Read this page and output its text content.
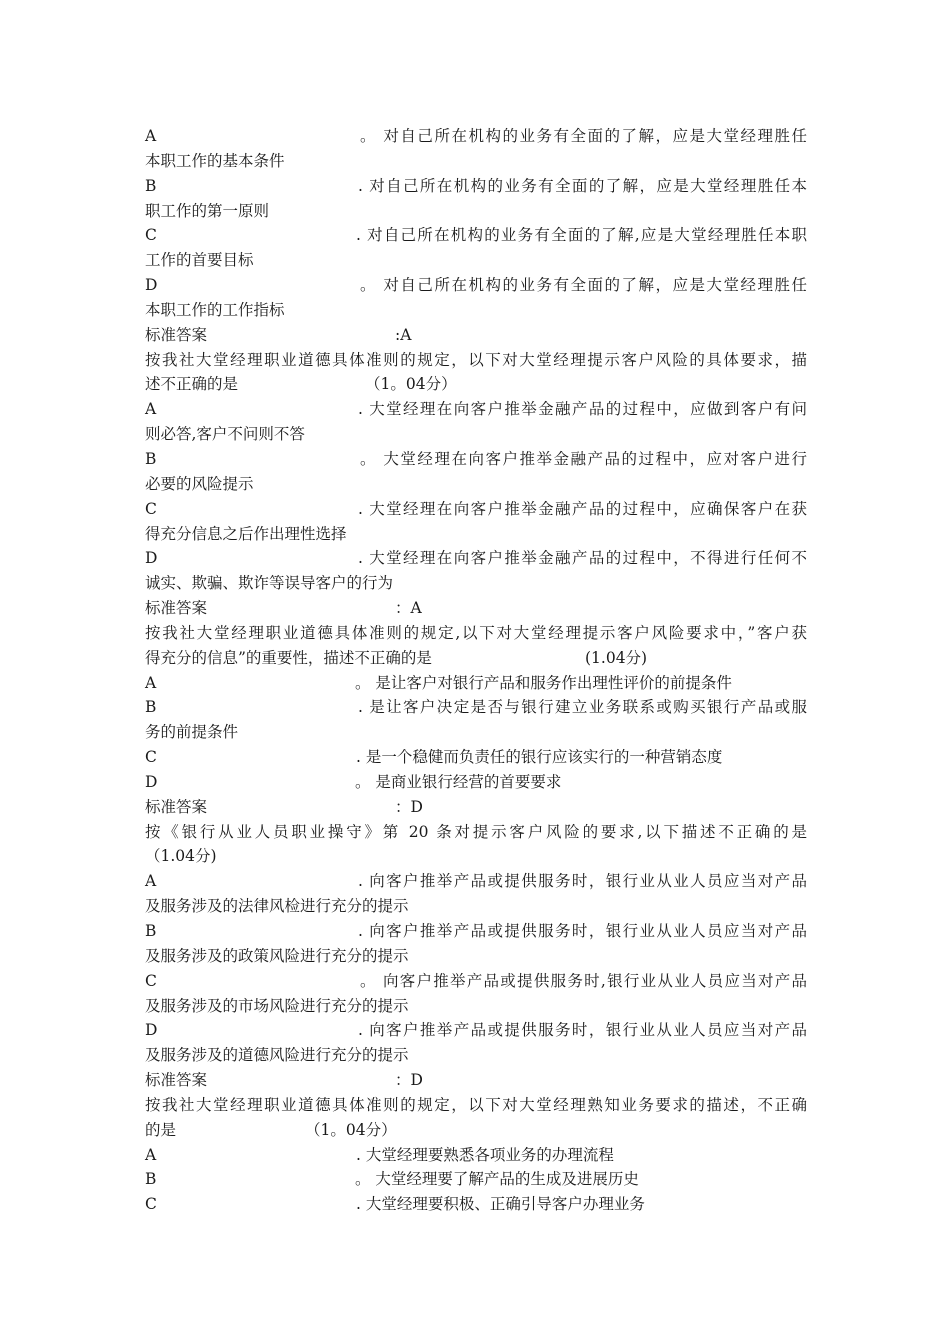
A	。 对自己所在机构的业务有全面的了解，应是大堂经理胜任
本职工作的基本条件
B	. 对自己所在机构的业务有全面的了解，应是大堂经理胜任本
职工作的第一原则
C	. 对自己所在机构的业务有全面的了解,应是大堂经理胜任本职
工作的首要目标
D	。 对自己所在机构的业务有全面的了解，应是大堂经理胜任
本职工作的工作指标
标准答案	:A
按我社大堂经理职业道德具体准则的规定，以下对大堂经理提示客户风险的具体要求，描
述不正确的是	（1。04分）
A	. 大堂经理在向客户推举金融产品的过程中，应做到客户有问
则必答,客户不问则不答
B	。 大堂经理在向客户推举金融产品的过程中，应对客户进行
必要的风险提示
C	. 大堂经理在向客户推举金融产品的过程中，应确保客户在获
得充分信息之后作出理性选择
D	. 大堂经理在向客户推举金融产品的过程中，不得进行任何不
诚实、欺骗、欺诈等误导客户的行为
标准答案	：A
按我社大堂经理职业道德具体准则的规定,以下对大堂经理提示客户风险要求中，”客户获
得充分的信息”的重要性，描述不正确的是	(1.04分)
A	。 是让客户对银行产品和服务作出理性评价的前提条件
B	. 是让客户决定是否与银行建立业务联系或购买银行产品或服
务的前提条件
C	. 是一个稳健而负责任的银行应该实行的一种营销态度
D	。 是商业银行经营的首要要求
标准答案	：D
按《银行从业人员职业操守》第 20 条对提示客户风险的要求,以下描述不正确的是
（1.04分)
A	. 向客户推举产品或提供服务时，银行业从业人员应当对产品
及服务涉及的法律风检进行充分的提示
B	. 向客户推举产品或提供服务时，银行业从业人员应当对产品
及服务涉及的政策风险进行充分的提示
C	。 向客户推举产品或提供服务时,银行业从业人员应当对产品
及服务涉及的市场风险进行充分的提示
D	. 向客户推举产品或提供服务时，银行业从业人员应当对产品
及服务涉及的道德风险进行充分的提示
标准答案	：D
按我社大堂经理职业道德具体准则的规定，以下对大堂经理熟知业务要求的描述，不正确
的是	（1。04分）
A	. 大堂经理要熟悉各项业务的办理流程
B	。 大堂经理要了解产品的生成及进展历史
C	. 大堂经理要积极、正确引导客户办理业务
